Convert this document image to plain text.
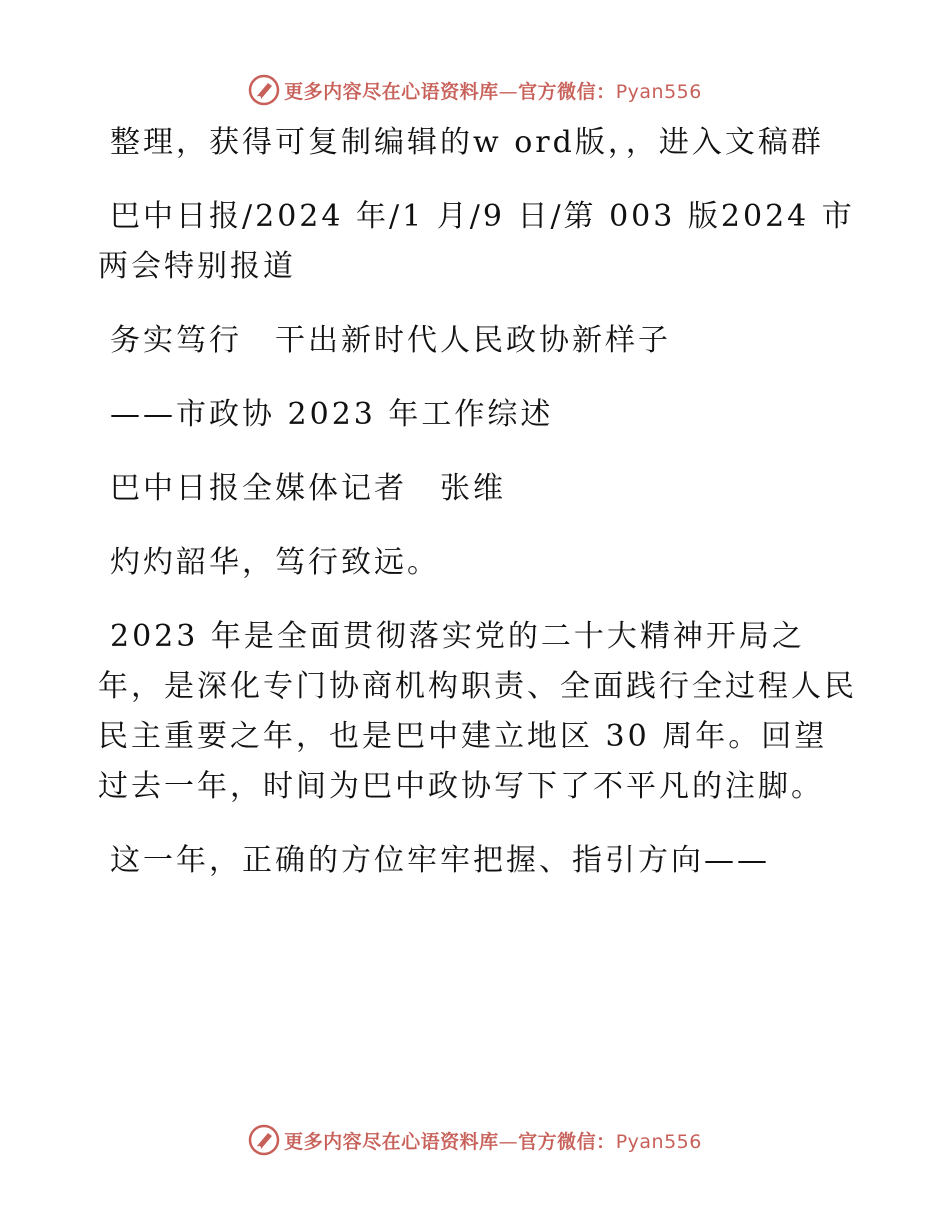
更多内容尽在心语资料库—官方微信：Pyan556

整理，获得可复制编辑的w ord版，，进入文稿群

巴中日报/2024 年/1 月/9 日/第 003 版2024 市两会特别报道

务实笃行　干出新时代人民政协新样子

——市政协 2023 年工作综述

巴中日报全媒体记者　张维

灼灼韶华，笃行致远。

2023 年是全面贯彻落实党的二十大精神开局之年，是深化专门协商机构职责、全面践行全过程人民民主重要之年，也是巴中建立地区 30 周年。回望过去一年，时间为巴中政协写下了不平凡的注脚。

这一年，正确的方位牢牢把握、指引方向——

更多内容尽在心语资料库—官方微信：Pyan556
